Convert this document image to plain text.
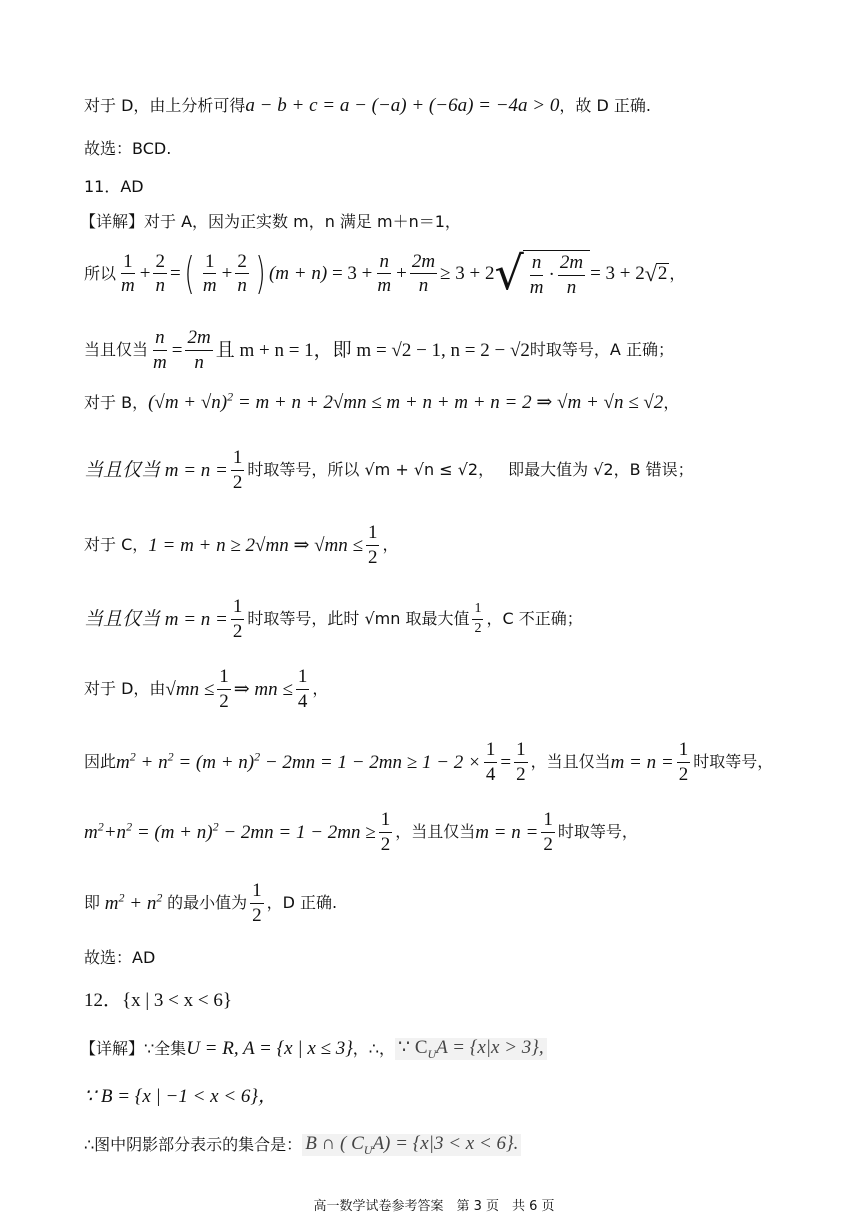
对于 D，由上分析可得 a − b + c = a − (−a) + (−6a) = −4a > 0 ，故 D 正确.
故选：BCD.
11．AD
【详解】对于 A，因为正实数 m，n 满足 m＋n＝1，
所以 $\frac{1}{m} + \frac{2}{n}$ = ( $\frac{1}{m} + \frac{2}{n}$ ) $(m + n) = 3 + \frac{n}{m} + \frac{2m}{n} \ge 3 + 2$ √ $\frac{n}{m} \cdot \frac{2m}{n} = 3 + 2$ √ 2 ，
当且仅当 $\frac{n}{m} = \frac{2m}{n}$ 且 m + n = 1，即 m = √2 − 1, n = 2 − √2 时取等号，A 正确；
对于 B， $(√m + √n)^2 = m + n + 2√mn \le m + n + m + n = 2$ ⇒ √m + √n ≤ √2 ，
当且仅当 $m = n = \frac{1}{2}$ 时取等号，所以 √m + √n ≤ √2， 即最大值为 √2，B 错误；
对于 C， 1 = m + n ≥ 2√mn ⇒ $√mn \le \frac{1}{2}$ ，
当且仅当 $m = n = \frac{1}{2}$ 时取等号，此时 √mn 取最大值 $\frac{1}{2}$ ，C 不正确；
对于 D，由 $√mn \le \frac{1}{2}$ ⇒ mn ≤ $\frac{1}{4}$ ，
因此 $m^2 + n^2 = (m + n)^2 - 2mn = 1 - 2mn \ge 1 - 2 \times \frac{1}{4} = \frac{1}{2}$ ，当且仅当 $m = n = \frac{1}{2}$ 时取等号，
$m^2+n^2 = (m + n)^2 - 2mn = 1 - 2mn \ge \frac{1}{2}$ ，当且仅当 $m = n = \frac{1}{2}$ 时取等号，
即 $m^2 + n^2$ 的最小值为 $\frac{1}{2}$ ，D 正确.
故选：AD
12．{x | 3 < x < 6}
【详解】∵全集 U = R, A = {x | x ≤ 3} ，∴， ∵ $C_UA = \{x|x > 3\}$,
∵ B = {x | −1 < x < 6}，
∴图中阴影部分表示的集合是： B ∩ ( $C_UA) = \{x|3 < x < 6\}$.
高一数学试卷参考答案　第 3 页　共 6 页
